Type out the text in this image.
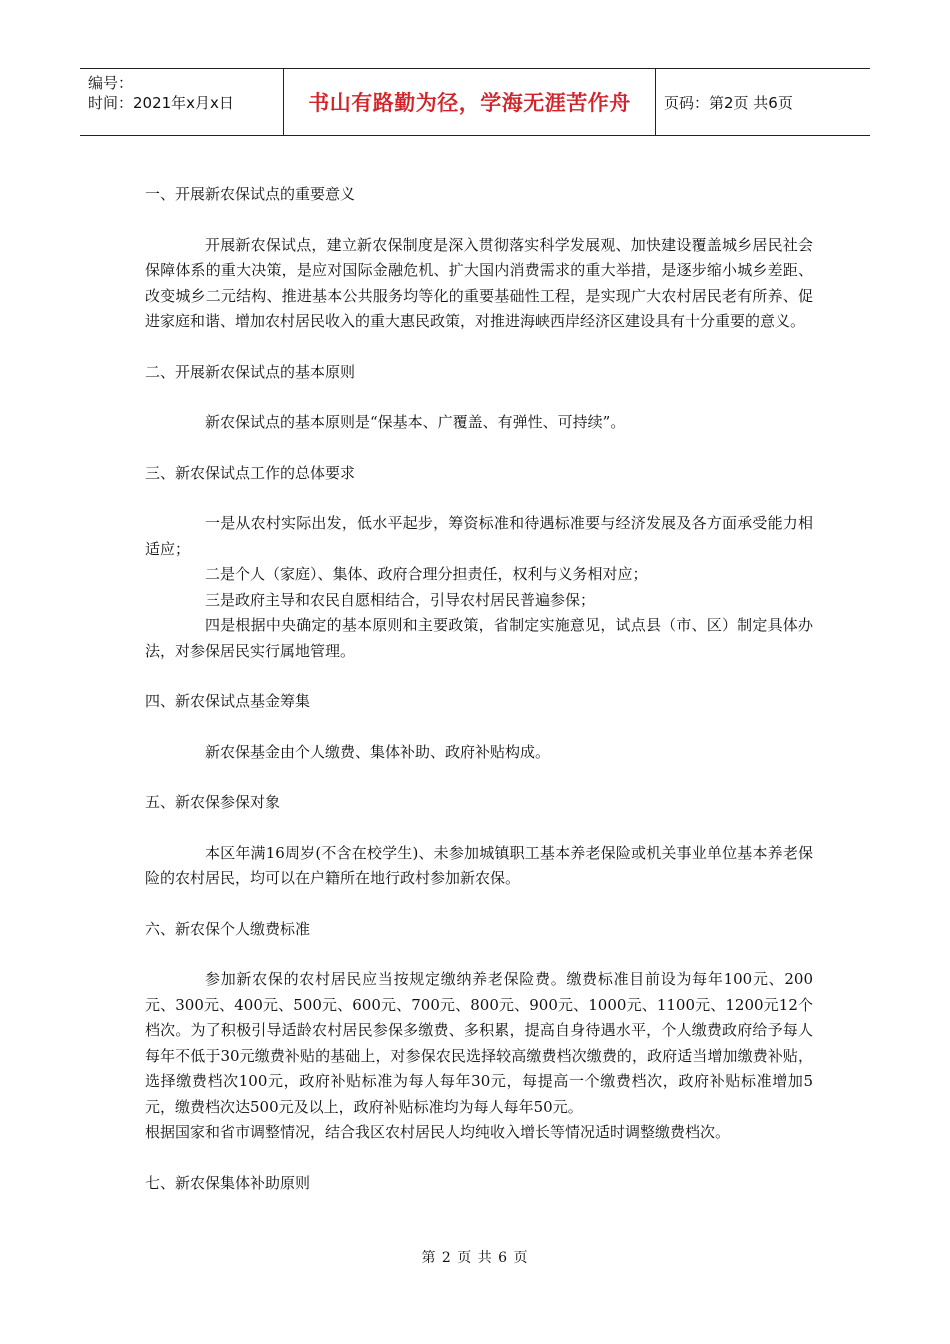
编号：
时间：2021年x月x日	书山有路勤为径，学海无涯苦作舟	页码：第2页 共6页
一、开展新农保试点的重要意义
开展新农保试点，建立新农保制度是深入贯彻落实科学发展观、加快建设覆盖城乡居民社会保障体系的重大决策，是应对国际金融危机、扩大国内消费需求的重大举措，是逐步缩小城乡差距、改变城乡二元结构、推进基本公共服务均等化的重要基础性工程，是实现广大农村居民老有所养、促进家庭和谐、增加农村居民收入的重大惠民政策，对推进海峡西岸经济区建设具有十分重要的意义。
二、开展新农保试点的基本原则
新农保试点的基本原则是“保基本、广覆盖、有弹性、可持续”。
三、新农保试点工作的总体要求
一是从农村实际出发，低水平起步，筹资标准和待遇标准要与经济发展及各方面承受能力相适应；
二是个人（家庭）、集体、政府合理分担责任，权利与义务相对应；
三是政府主导和农民自愿相结合，引导农村居民普遍参保；
四是根据中央确定的基本原则和主要政策，省制定实施意见，试点县（市、区）制定具体办法，对参保居民实行属地管理。
四、新农保试点基金筹集
新农保基金由个人缴费、集体补助、政府补贴构成。
五、新农保参保对象
本区年满16周岁(不含在校学生)、未参加城镇职工基本养老保险或机关事业单位基本养老保险的农村居民，均可以在户籍所在地行政村参加新农保。
六、新农保个人缴费标准
参加新农保的农村居民应当按规定缴纳养老保险费。缴费标准目前设为每年100元、200元、300元、400元、500元、600元、700元、800元、900元、1000元、1100元、1200元12个档次。为了积极引导适龄农村居民参保多缴费、多积累，提高自身待遇水平，个人缴费政府给予每人每年不低于30元缴费补贴的基础上，对参保农民选择较高缴费档次缴费的，政府适当增加缴费补贴，选择缴费档次100元，政府补贴标准为每人每年30元，每提高一个缴费档次，政府补贴标准增加5元，缴费档次达500元及以上，政府补贴标准均为每人每年50元。
根据国家和省市调整情况，结合我区农村居民人均纯收入增长等情况适时调整缴费档次。
七、新农保集体补助原则
第 2 页 共 6 页
